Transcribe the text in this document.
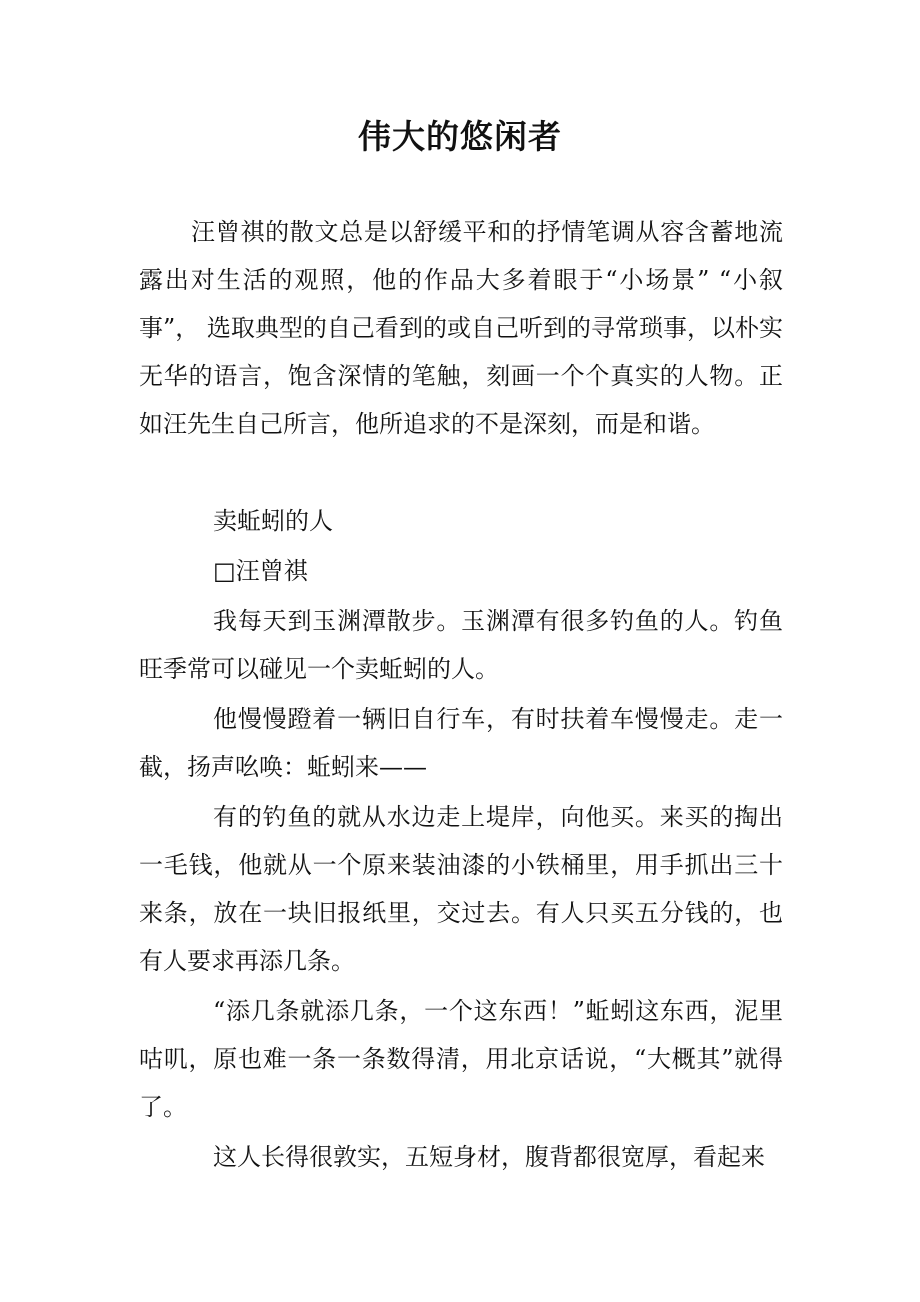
伟大的悠闲者

汪曾祺的散文总是以舒缓平和的抒情笔调从容含蓄地流露出对生活的观照，他的作品大多着眼于“小场景” “小叙事”， 选取典型的自己看到的或自己听到的寻常琐事，以朴实无华的语言，饱含深情的笔触，刻画一个个真实的人物。正如汪先生自己所言，他所追求的不是深刻，而是和谐。

卖蚯蚓的人

□汪曾祺

我每天到玉渊潭散步。玉渊潭有很多钓鱼的人。钓鱼旺季常可以碰见一个卖蚯蚓的人。

他慢慢蹬着一辆旧自行车，有时扶着车慢慢走。走一截，扬声吆唤：蚯蚓来——

有的钓鱼的就从水边走上堤岸，向他买。来买的掏出一毛钱，他就从一个原来装油漆的小铁桶里，用手抓出三十来条，放在一块旧报纸里，交过去。有人只买五分钱的，也有人要求再添几条。

“添几条就添几条，一个这东西！”蚯蚓这东西，泥里咕叽，原也难一条一条数得清，用北京话说，“大概其”就得了。

这人长得很敦实，五短身材，腹背都很宽厚，看起来
